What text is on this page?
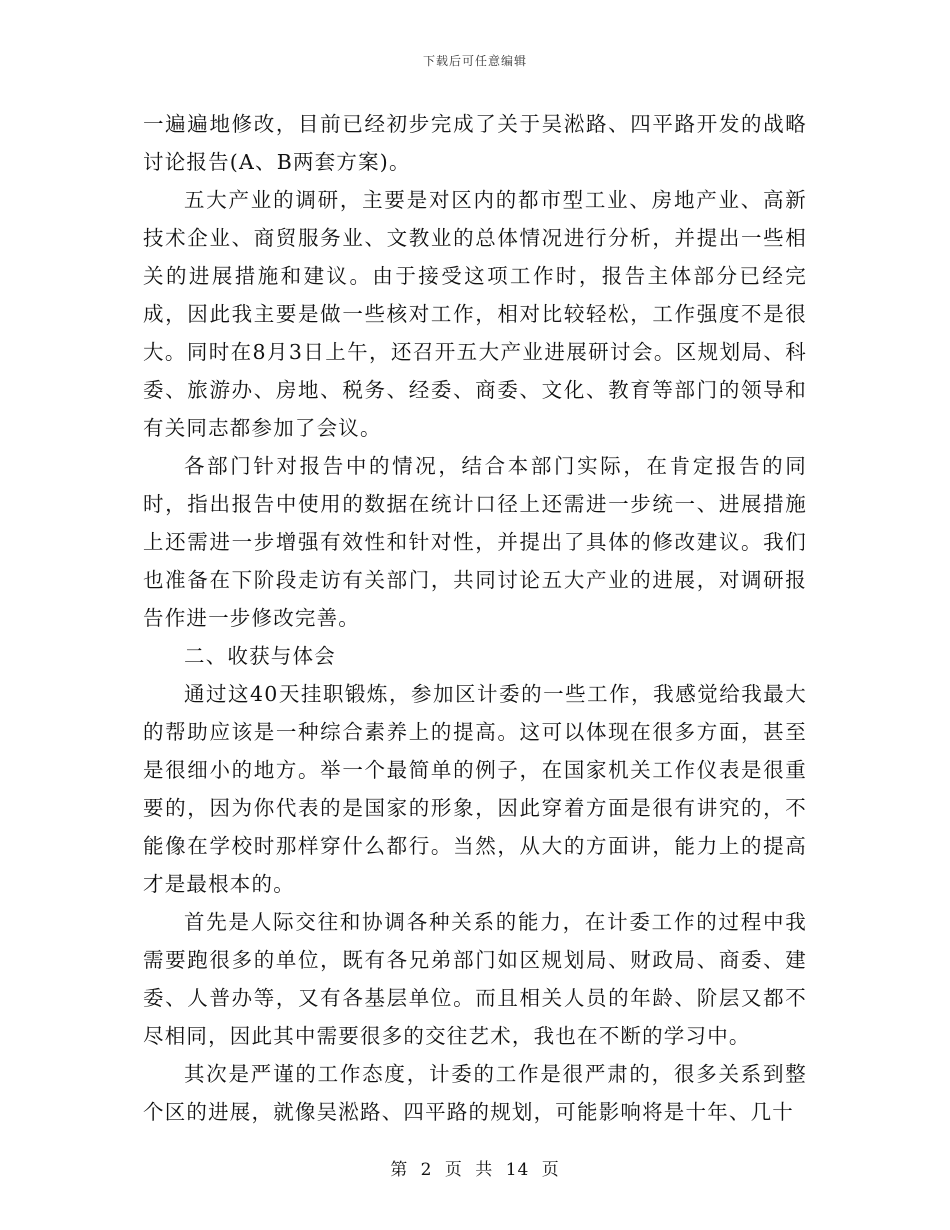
下载后可任意编辑

一遍遍地修改，目前已经初步完成了关于吴淞路、四平路开发的战略讨论报告(A、B两套方案)。

五大产业的调研，主要是对区内的都市型工业、房地产业、高新技术企业、商贸服务业、文教业的总体情况进行分析，并提出一些相关的进展措施和建议。由于接受这项工作时，报告主体部分已经完成，因此我主要是做一些核对工作，相对比较轻松，工作强度不是很大。同时在8月3日上午，还召开五大产业进展研讨会。区规划局、科委、旅游办、房地、税务、经委、商委、文化、教育等部门的领导和有关同志都参加了会议。

各部门针对报告中的情况，结合本部门实际，在肯定报告的同时，指出报告中使用的数据在统计口径上还需进一步统一、进展措施上还需进一步增强有效性和针对性，并提出了具体的修改建议。我们也准备在下阶段走访有关部门，共同讨论五大产业的进展，对调研报告作进一步修改完善。

二、收获与体会

通过这40天挂职锻炼，参加区计委的一些工作，我感觉给我最大的帮助应该是一种综合素养上的提高。这可以体现在很多方面，甚至是很细小的地方。举一个最简单的例子，在国家机关工作仪表是很重要的，因为你代表的是国家的形象，因此穿着方面是很有讲究的，不能像在学校时那样穿什么都行。当然，从大的方面讲，能力上的提高才是最根本的。

首先是人际交往和协调各种关系的能力，在计委工作的过程中我需要跑很多的单位，既有各兄弟部门如区规划局、财政局、商委、建委、人普办等，又有各基层单位。而且相关人员的年龄、阶层又都不尽相同，因此其中需要很多的交往艺术，我也在不断的学习中。

其次是严谨的工作态度，计委的工作是很严肃的，很多关系到整个区的进展，就像吴淞路、四平路的规划，可能影响将是十年、几十

第 2 页 共 14 页
